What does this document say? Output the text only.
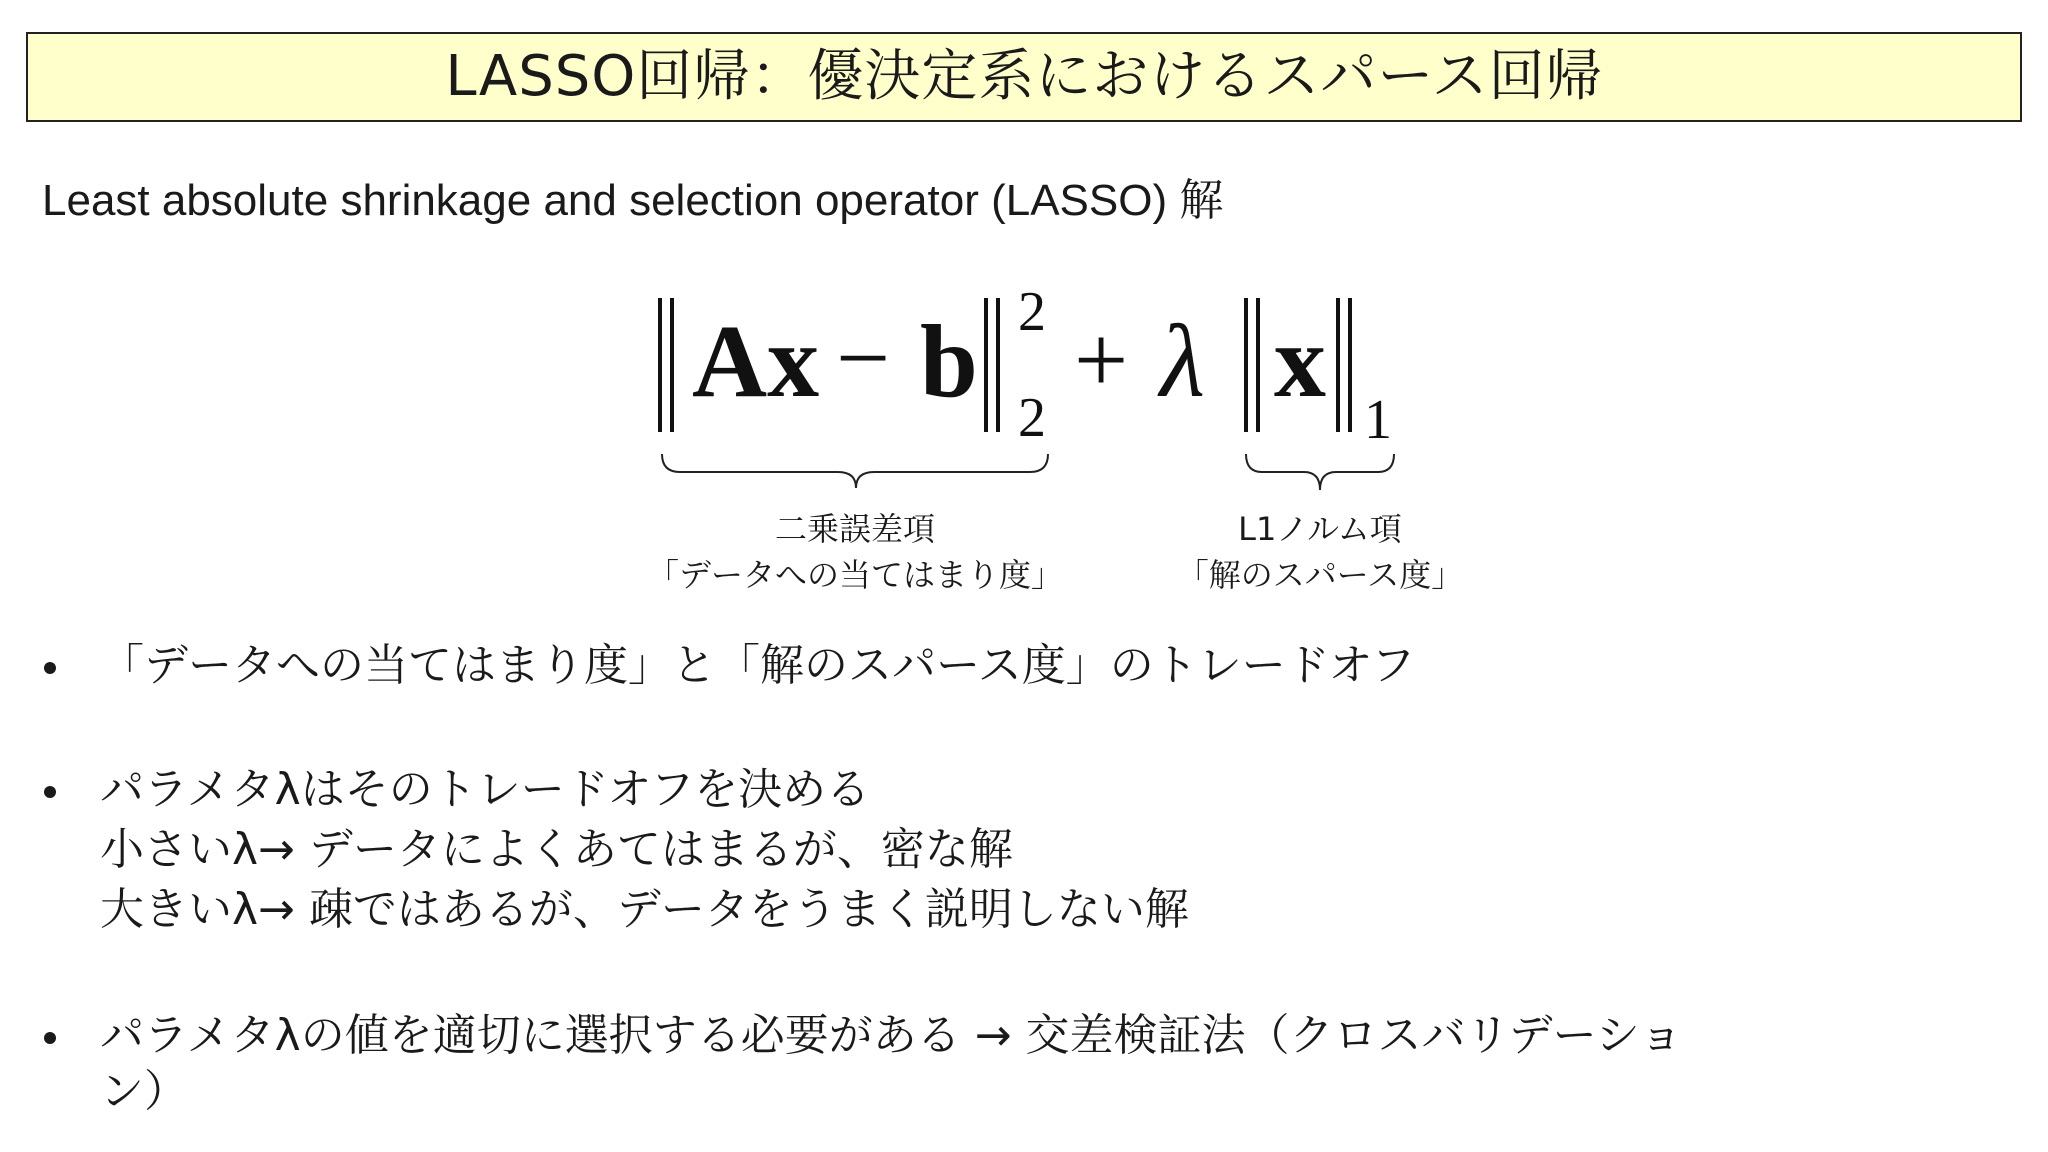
LASSO回帰：優決定系におけるスパース回帰
Least absolute shrinkage and selection operator (LASSO) 解
Ax − b 2
2
+ λ x
1
二乗誤差項
「データへの当てはまり度」
L1ノルム項
「解のスパース度」
「データへの当てはまり度」と「解のスパース度」のトレードオフ
パラメタλはそのトレードオフを決める
小さいλ→ データによくあてはまるが、密な解
大きいλ→ 疎ではあるが、データをうまく説明しない解
パラメタλの値を適切に選択する必要がある → 交差検証法（クロスバリデーショ
ン）
